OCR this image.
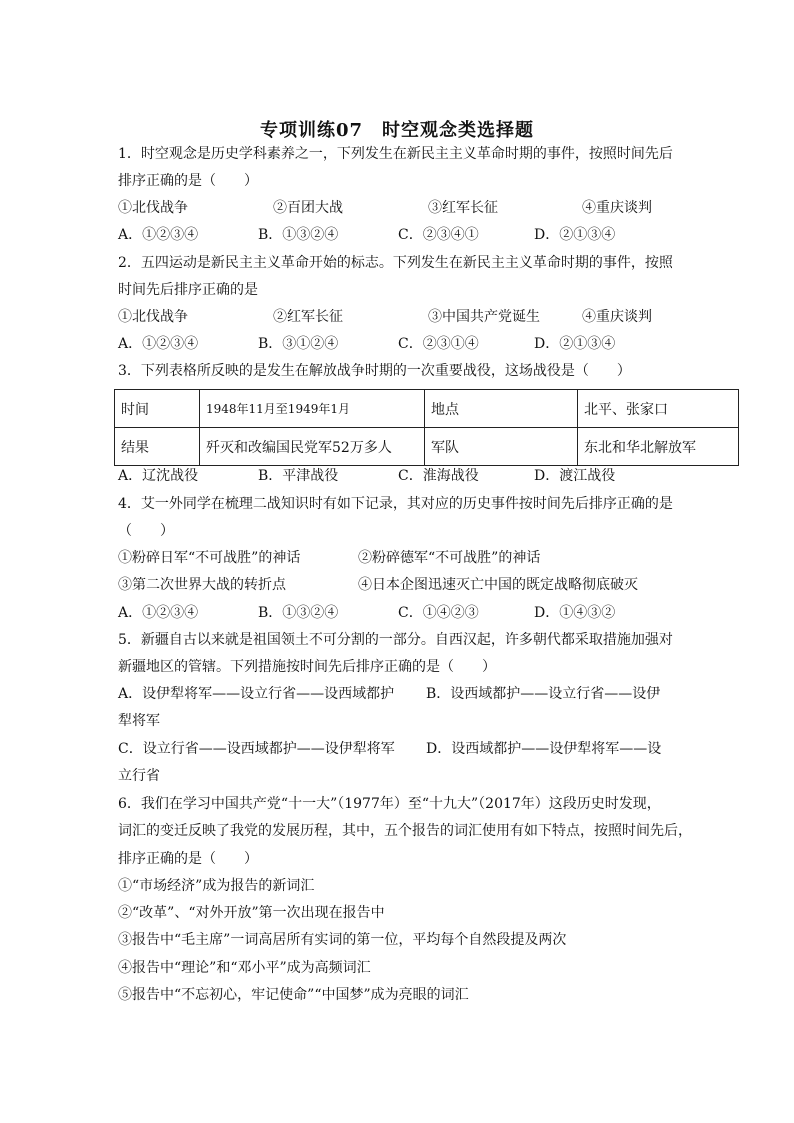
专项训练07　时空观念类选择题
1．时空观念是历史学科素养之一，下列发生在新民主主义革命时期的事件，按照时间先后
排序正确的是（　　）
①北伐战争	②百团大战	③红军长征	④重庆谈判
A．①②③④	B．①③②④	C．②③④①	D．②①③④
2．五四运动是新民主主义革命开始的标志。下列发生在新民主主义革命时期的事件，按照
时间先后排序正确的是
①北伐战争	②红军长征	③中国共产党诞生	④重庆谈判
A．①②③④	B．③①②④	C．②③①④	D．②①③④
3．下列表格所反映的是发生在解放战争时期的一次重要战役，这场战役是（　　）
时间	1948年11月至1949年1月	地点	北平、张家口
结果	歼灭和改编国民党军52万多人	军队	东北和华北解放军
A．辽沈战役	B．平津战役	C．淮海战役	D．渡江战役
4．艾一外同学在梳理二战知识时有如下记录，其对应的历史事件按时间先后排序正确的是
（　　）
①粉碎日军“不可战胜”的神话	②粉碎德军“不可战胜”的神话
③第二次世界大战的转折点	④日本企图迅速灭亡中国的既定战略彻底破灭
A．①②③④	B．①③②④	C．①④②③	D．①④③②
5．新疆自古以来就是祖国领土不可分割的一部分。自西汉起，许多朝代都采取措施加强对
新疆地区的管辖。下列措施按时间先后排序正确的是（　　）
A．设伊犁将军——设立行省——设西域都护 B．设西域都护——设立行省——设伊
犁将军
C．设立行省——设西域都护——设伊犁将军 D．设西域都护——设伊犁将军——设
立行省
6．我们在学习中国共产党“十一大”（1977年）至“十九大”（2017年）这段历史时发现，
词汇的变迁反映了我党的发展历程，其中，五个报告的词汇使用有如下特点，按照时间先后，
排序正确的是（　　）
①“市场经济”成为报告的新词汇
②“改革”、“对外开放”第一次出现在报告中
③报告中“毛主席”一词高居所有实词的第一位，平均每个自然段提及两次
④报告中“理论”和“邓小平”成为高频词汇
⑤报告中“不忘初心，牢记使命”“中国梦”成为亮眼的词汇
